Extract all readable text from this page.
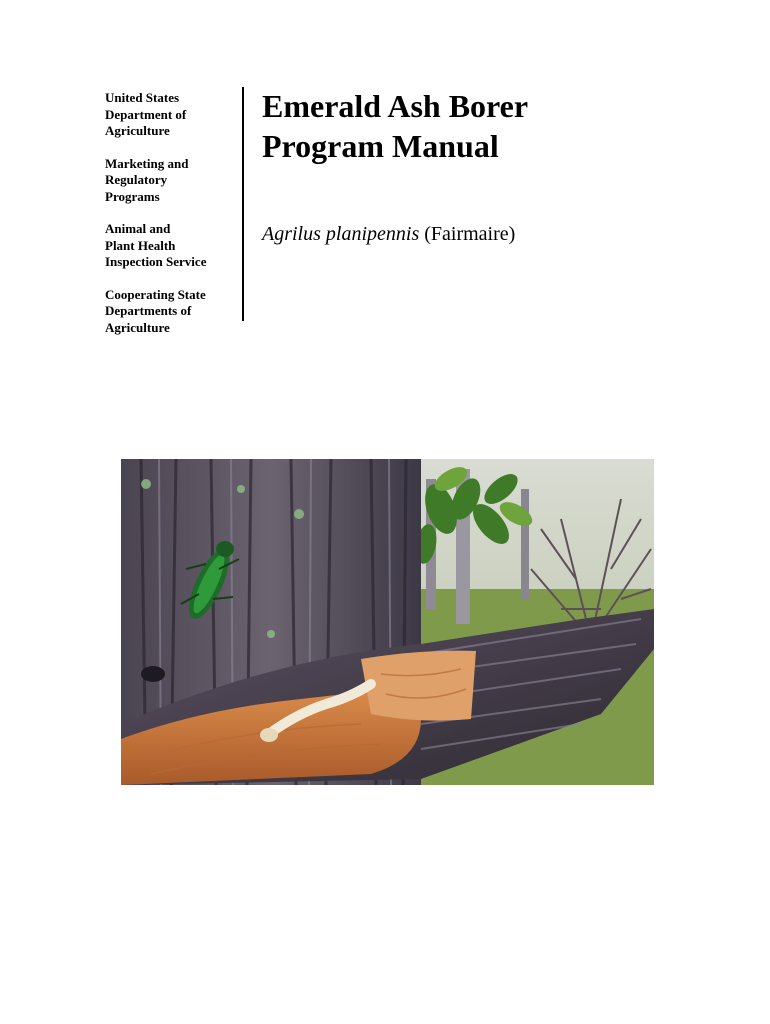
United States
Department of
Agriculture
Marketing and
Regulatory
Programs
Animal and
Plant Health
Inspection Service
Cooperating State
Departments of
Agriculture
Emerald Ash Borer
Program Manual
Agrilus planipennis (Fairmaire)
